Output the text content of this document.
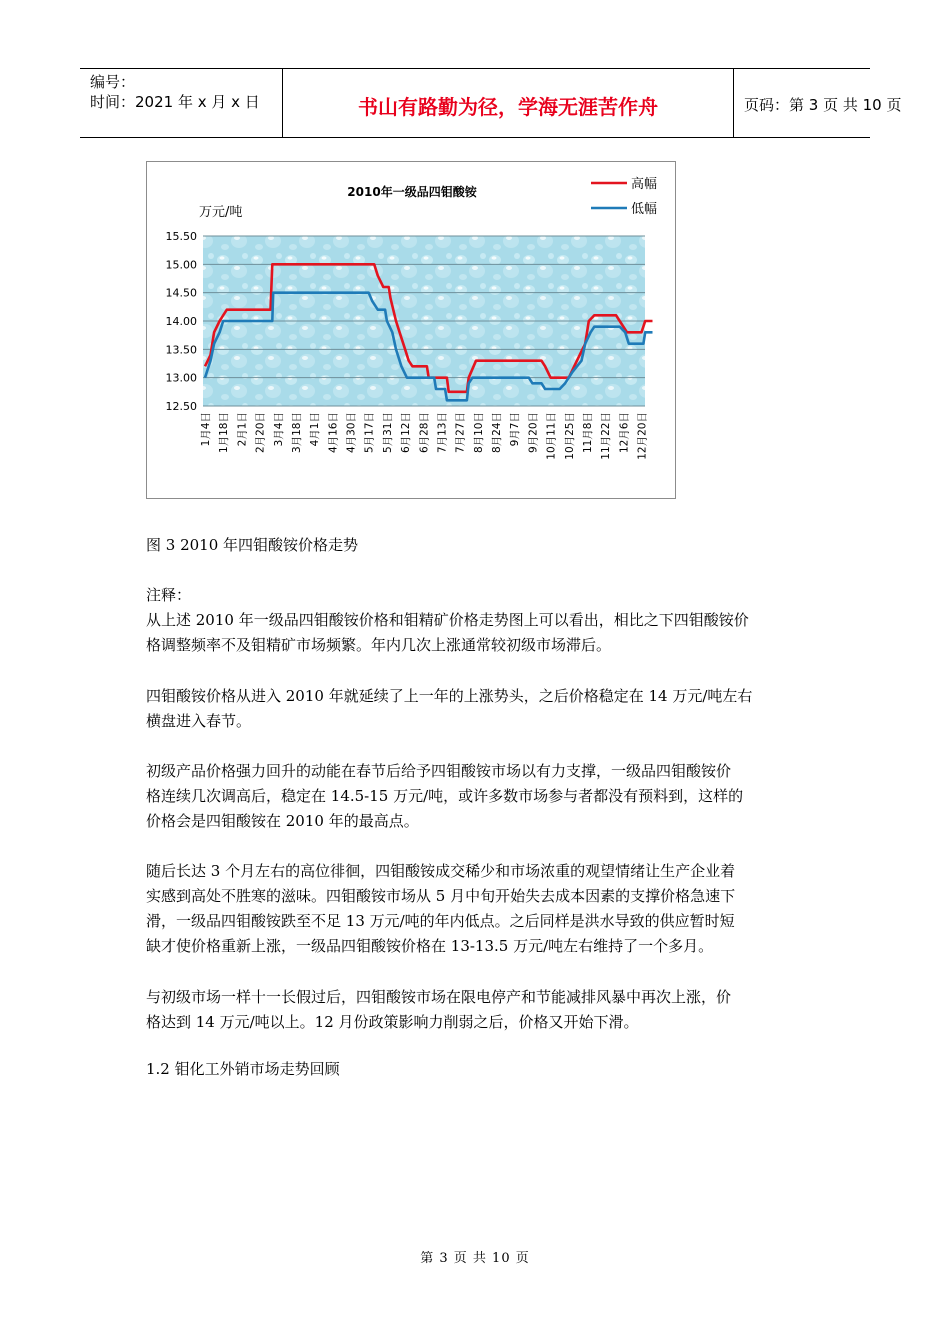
编号：
时间：2021 年 x 月 x 日	书山有路勤为径，学海无涯苦作舟	页码：第 3 页 共 10 页
15.50
15.00
14.50
14.00
13.50
13.00
12.50
2010年一级品四钼酸铵
万元/吨
1月4日 1月18日 2月1日 2月20日 3月4日 3月18日 4月1日 4月16日 4月30日 5月17日 5月31日 6月12日 6月28日 7月13日 7月27日 8月10日 8月24日 9月7日 9月20日 10月11日 10月25日 11月8日 11月22日 12月6日 12月20日
高幅
低幅
图 3 2010 年四钼酸铵价格走势
注释：
从上述 2010 年一级品四钼酸铵价格和钼精矿价格走势图上可以看出，相比之下四钼酸铵价
格调整频率不及钼精矿市场频繁。年内几次上涨通常较初级市场滞后。
四钼酸铵价格从进入 2010 年就延续了上一年的上涨势头，之后价格稳定在 14 万元/吨左右
横盘进入春节。
初级产品价格强力回升的动能在春节后给予四钼酸铵市场以有力支撑，一级品四钼酸铵价
格连续几次调高后，稳定在 14.5-15 万元/吨，或许多数市场参与者都没有预料到，这样的
价格会是四钼酸铵在 2010 年的最高点。
随后长达 3 个月左右的高位徘徊，四钼酸铵成交稀少和市场浓重的观望情绪让生产企业着
实感到高处不胜寒的滋味。四钼酸铵市场从 5 月中旬开始失去成本因素的支撑价格急速下
滑，一级品四钼酸铵跌至不足 13 万元/吨的年内低点。之后同样是洪水导致的供应暂时短
缺才使价格重新上涨，一级品四钼酸铵价格在 13-13.5 万元/吨左右维持了一个多月。
与初级市场一样十一长假过后，四钼酸铵市场在限电停产和节能减排风暴中再次上涨，价
格达到 14 万元/吨以上。12 月份政策影响力削弱之后，价格又开始下滑。
1.2 钼化工外销市场走势回顾
第 3 页 共 10 页
